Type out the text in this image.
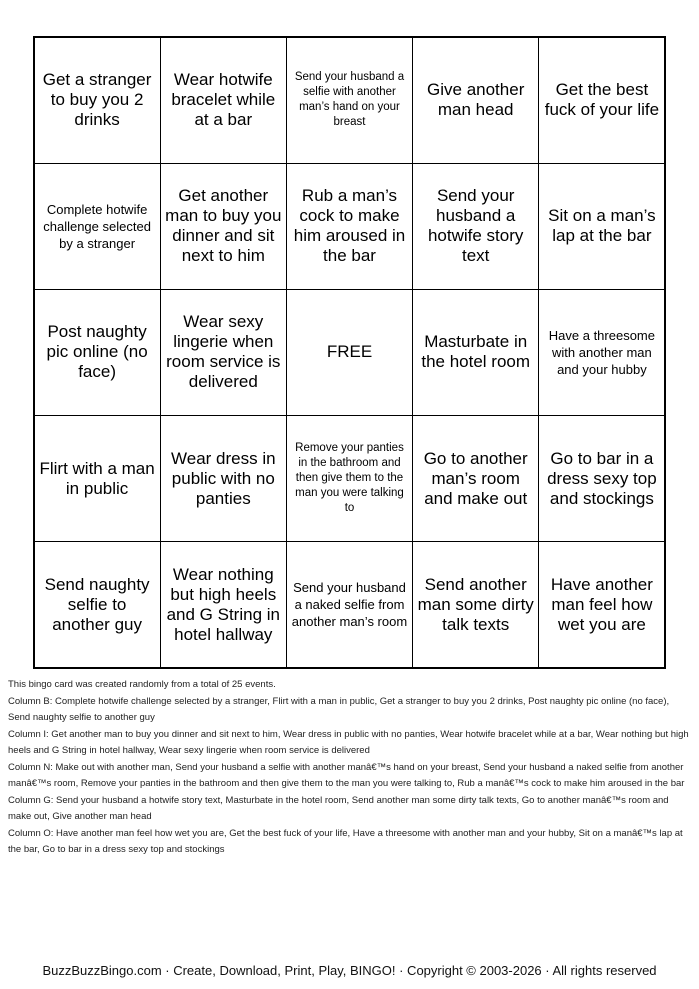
Get a stranger to buy you 2 drinks
Wear hotwife bracelet while at a bar
Send your husband a selfie with another man’s hand on your breast
Give another man head
Get the best fuck of your life
Complete hotwife challenge selected by a stranger
Get another man to buy you dinner and sit next to him
Rub a man’s cock to make him aroused in the bar
Send your husband a hotwife story text
Sit on a man’s lap at the bar
Post naughty pic online (no face)
Wear sexy lingerie when room service is delivered
FREE
Masturbate in the hotel room
Have a threesome with another man and your hubby
Flirt with a man in public
Wear dress in public with no panties
Remove your panties in the bathroom and then give them to the man you were talking to
Go to another man’s room and make out
Go to bar in a dress sexy top and stockings
Send naughty selfie to another guy
Wear nothing but high heels and G String in hotel hallway
Send your husband a naked selfie from another man’s room
Send another man some dirty talk texts
Have another man feel how wet you are
This bingo card was created randomly from a total of 25 events.
Column B: Complete hotwife challenge selected by a stranger, Flirt with a man in public, Get a stranger to buy you 2 drinks, Post naughty pic online (no face), Send naughty selfie to another guy
Column I: Get another man to buy you dinner and sit next to him, Wear dress in public with no panties, Wear hotwife bracelet while at a bar, Wear nothing but high heels and G String in hotel hallway, Wear sexy lingerie when room service is delivered
Column N: Make out with another man, Send your husband a selfie with another manâ€™s hand on your breast, Send your husband a naked selfie from another manâ€™s room, Remove your panties in the bathroom and then give them to the man you were talking to, Rub a manâ€™s cock to make him aroused in the bar
Column G: Send your husband a hotwife story text, Masturbate in the hotel room, Send another man some dirty talk texts, Go to another manâ€™s room and make out, Give another man head
Column O: Have another man feel how wet you are, Get the best fuck of your life, Have a threesome with another man and your hubby, Sit on a manâ€™s lap at the bar, Go to bar in a dress sexy top and stockings
BuzzBuzzBingo.com · Create, Download, Print, Play, BINGO! · Copyright © 2003-2026 · All rights reserved
